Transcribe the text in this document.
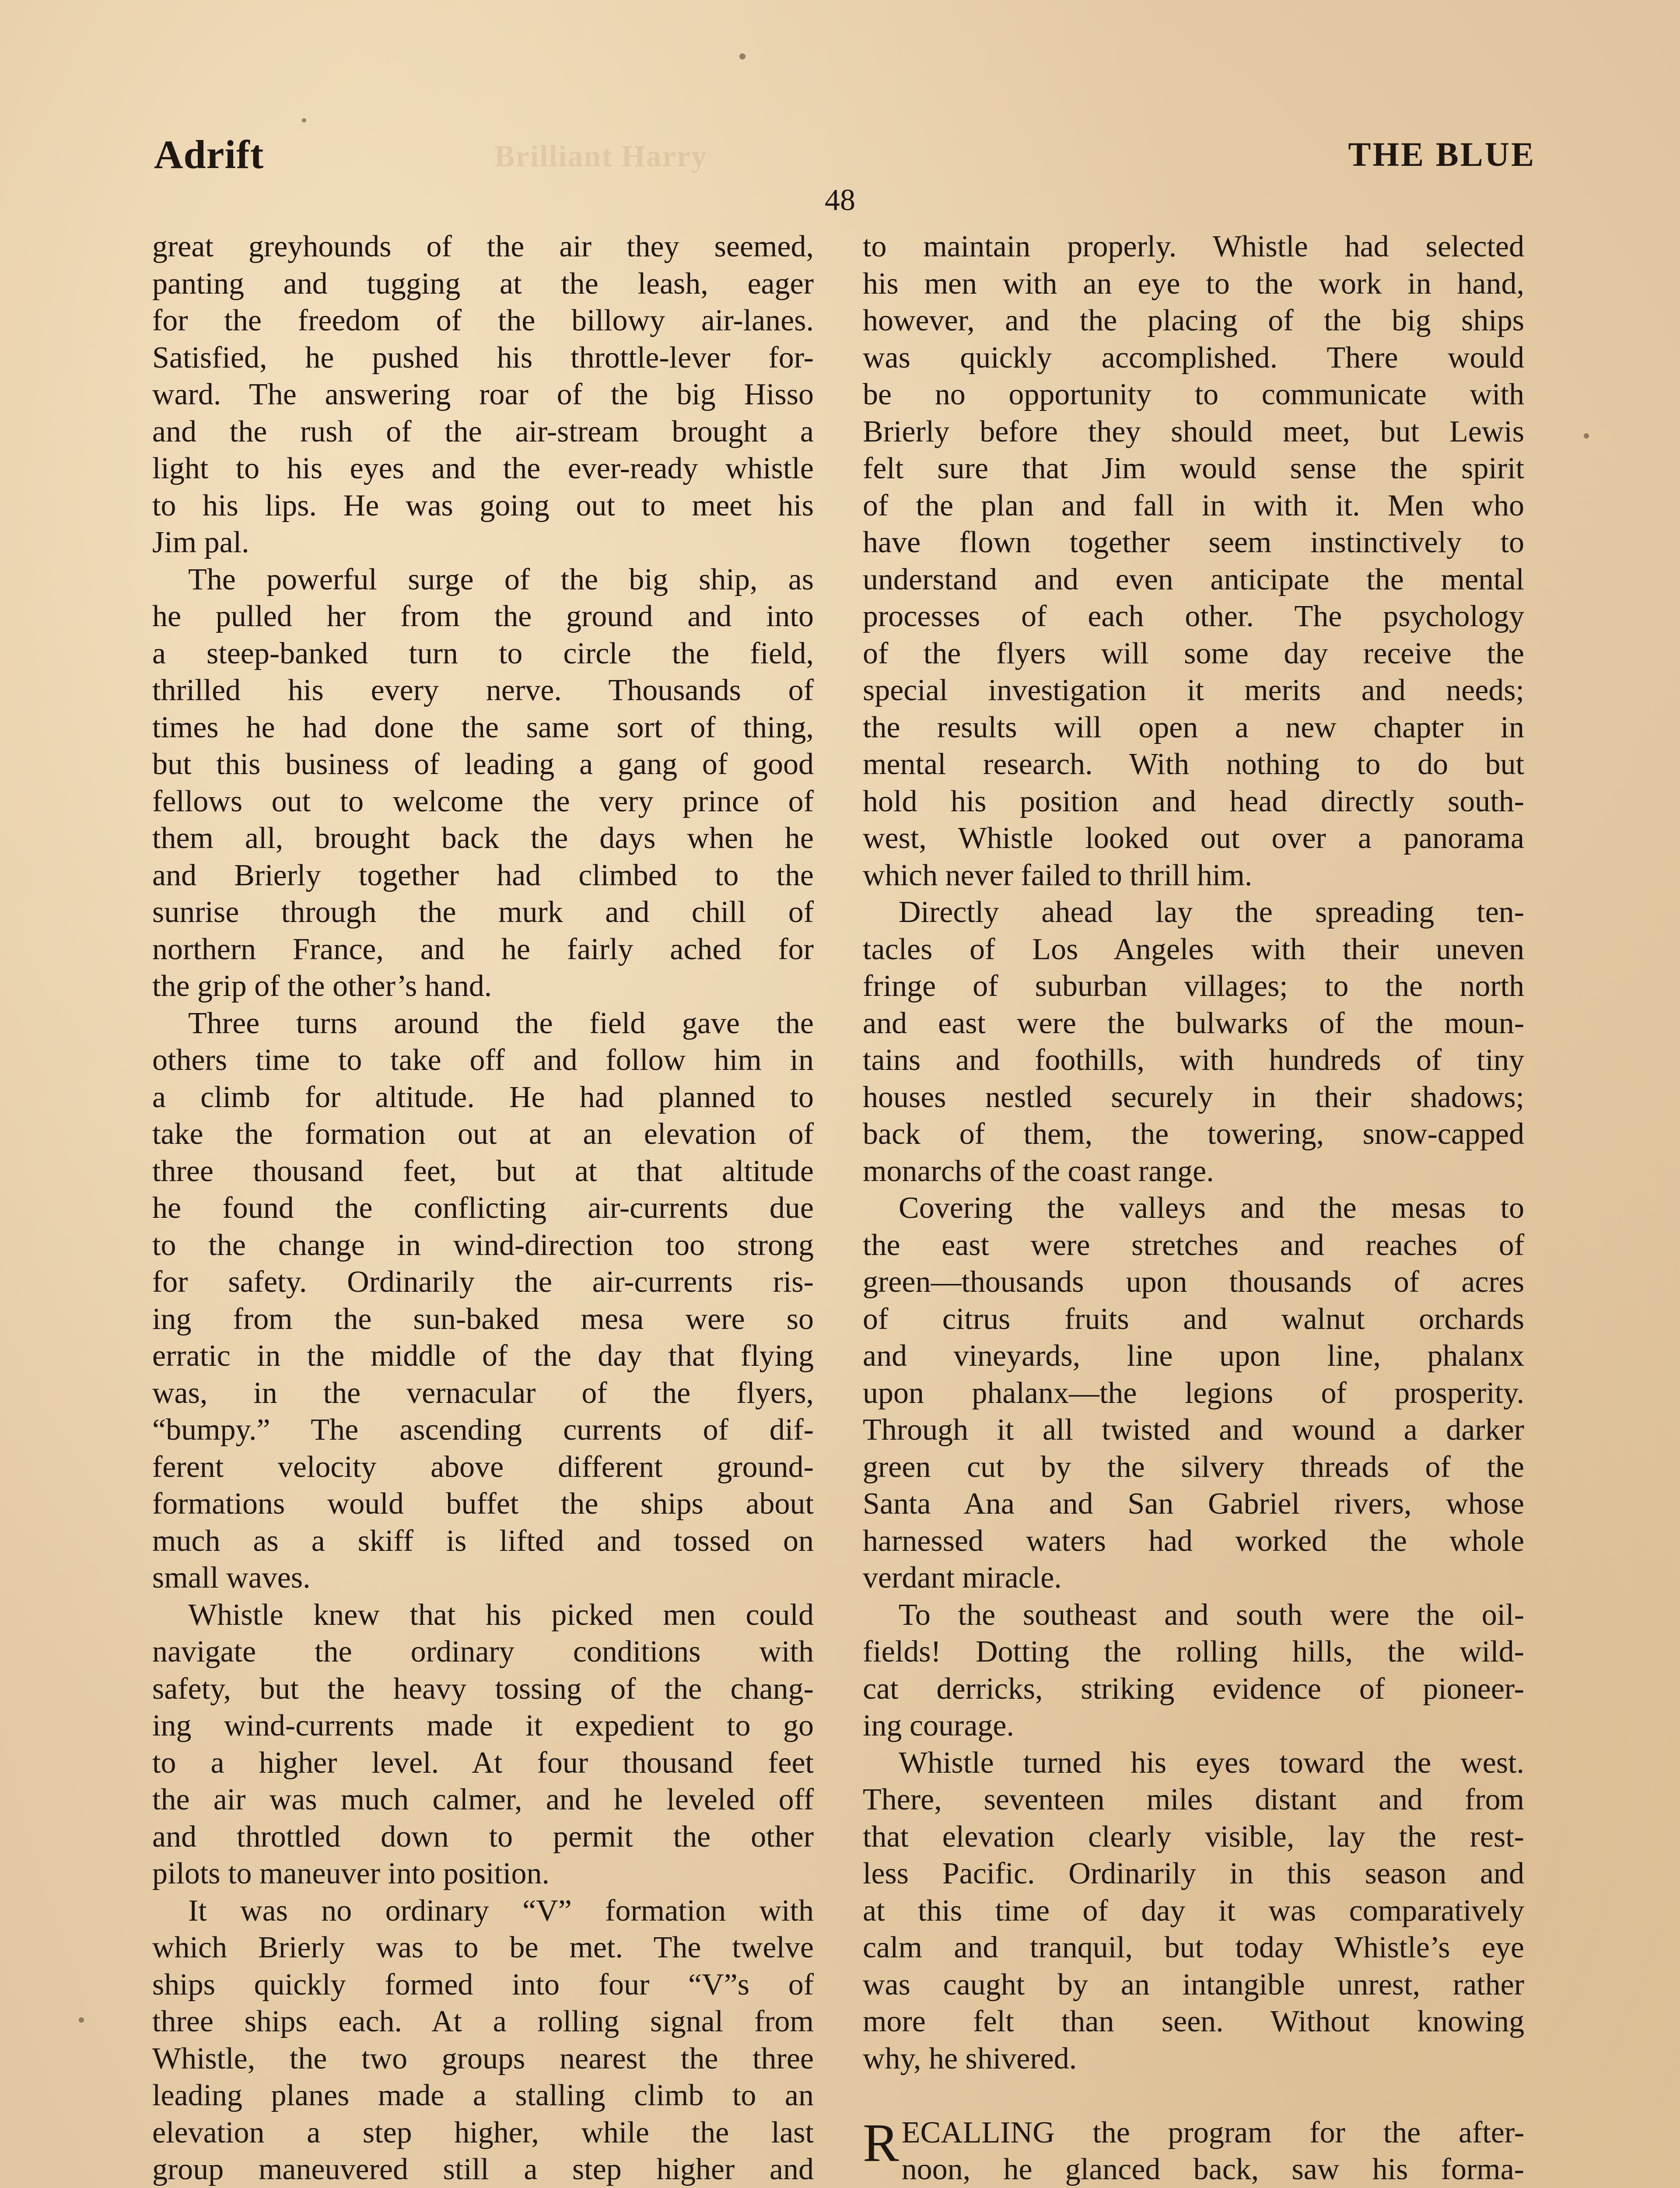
Brilliant Harry
Adrift	THE BLUE
48
great greyhounds of the air they seemed,
panting and tugging at the leash, eager
for the freedom of the billowy air-lanes.
Satisfied, he pushed his throttle-lever for-
ward. The answering roar of the big Hisso
and the rush of the air-stream brought a
light to his eyes and the ever-ready whistle
to his lips. He was going out to meet his
Jim pal.
The powerful surge of the big ship, as
he pulled her from the ground and into
a steep-banked turn to circle the field,
thrilled his every nerve. Thousands of
times he had done the same sort of thing,
but this business of leading a gang of good
fellows out to welcome the very prince of
them all, brought back the days when he
and Brierly together had climbed to the
sunrise through the murk and chill of
northern France, and he fairly ached for
the grip of the other’s hand.
Three turns around the field gave the
others time to take off and follow him in
a climb for altitude. He had planned to
take the formation out at an elevation of
three thousand feet, but at that altitude
he found the conflicting air-currents due
to the change in wind-direction too strong
for safety. Ordinarily the air-currents ris-
ing from the sun-baked mesa were so
erratic in the middle of the day that flying
was, in the vernacular of the flyers,
“bumpy.” The ascending currents of dif-
ferent velocity above different ground-
formations would buffet the ships about
much as a skiff is lifted and tossed on
small waves.
Whistle knew that his picked men could
navigate the ordinary conditions with
safety, but the heavy tossing of the chang-
ing wind-currents made it expedient to go
to a higher level. At four thousand feet
the air was much calmer, and he leveled off
and throttled down to permit the other
pilots to maneuver into position.
It was no ordinary “V” formation with
which Brierly was to be met. The twelve
ships quickly formed into four “V”s of
three ships each. At a rolling signal from
Whistle, the two groups nearest the three
leading planes made a stalling climb to an
elevation a step higher, while the last
group maneuvered still a step higher and
to maintain properly. Whistle had selected
his men with an eye to the work in hand,
however, and the placing of the big ships
was quickly accomplished. There would
be no opportunity to communicate with
Brierly before they should meet, but Lewis
felt sure that Jim would sense the spirit
of the plan and fall in with it. Men who
have flown together seem instinctively to
understand and even anticipate the mental
processes of each other. The psychology
of the flyers will some day receive the
special investigation it merits and needs;
the results will open a new chapter in
mental research. With nothing to do but
hold his position and head directly south-
west, Whistle looked out over a panorama
which never failed to thrill him.
Directly ahead lay the spreading ten-
tacles of Los Angeles with their uneven
fringe of suburban villages; to the north
and east were the bulwarks of the moun-
tains and foothills, with hundreds of tiny
houses nestled securely in their shadows;
back of them, the towering, snow-capped
monarchs of the coast range.
Covering the valleys and the mesas to
the east were stretches and reaches of
green—thousands upon thousands of acres
of citrus fruits and walnut orchards
and vineyards, line upon line, phalanx
upon phalanx—the legions of prosperity.
Through it all twisted and wound a darker
green cut by the silvery threads of the
Santa Ana and San Gabriel rivers, whose
harnessed waters had worked the whole
verdant miracle.
To the southeast and south were the oil-
fields! Dotting the rolling hills, the wild-
cat derricks, striking evidence of pioneer-
ing courage.
Whistle turned his eyes toward the west.
There, seventeen miles distant and from
that elevation clearly visible, lay the rest-
less Pacific. Ordinarily in this season and
at this time of day it was comparatively
calm and tranquil, but today Whistle’s eye
was caught by an intangible unrest, rather
more felt than seen. Without knowing
why, he shivered.
R ECALLING the program for the after-
noon, he glanced back, saw his forma-
